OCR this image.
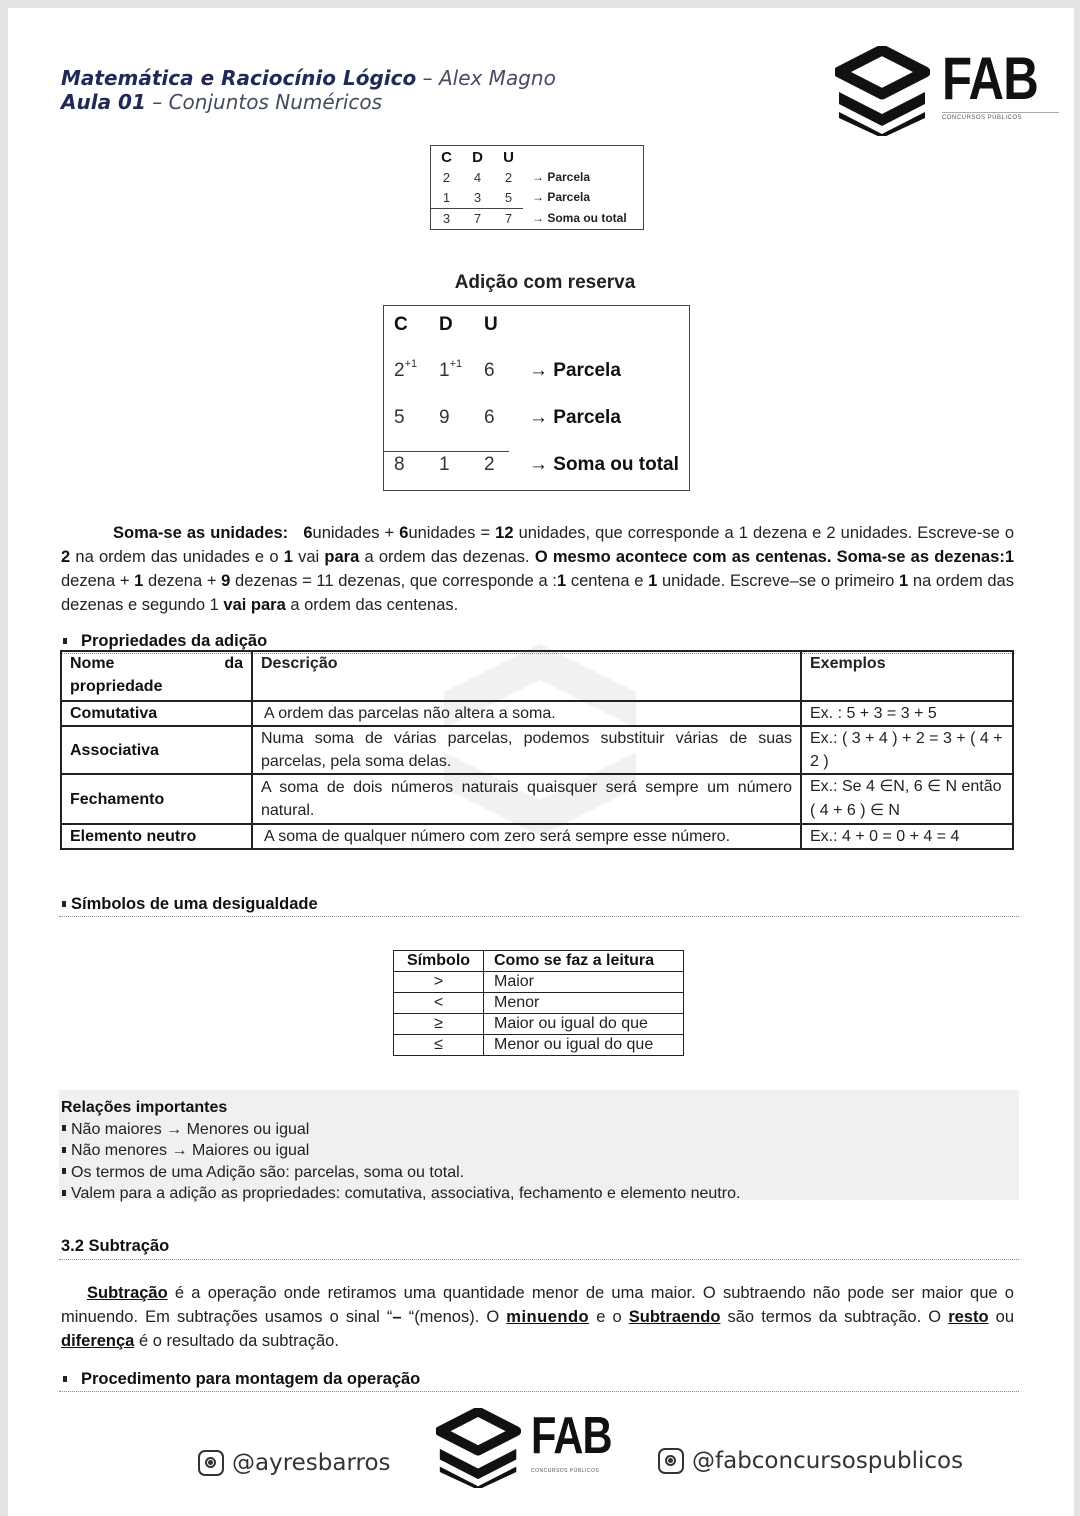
Matemática e Raciocínio Lógico – Alex Magno
Aula 01 – Conjuntos Numéricos	FAB
CONCURSOS PÚBLICOS
C	D	U
2	4	2	→ Parcela
1	3	5	→ Parcela
3	7	7	→ Soma ou total
Adição com reserva
C	D	U
$2^{+1}$	$1^{+1}$	6	→ Parcela
5	9	6	→ Parcela
8	1	2	→ Soma ou total
Soma-se as unidades: 6unidades + 6unidades = 12 unidades, que corresponde a 1 dezena e 2 unidades. Escreve-se o 2 na ordem das unidades e o 1 vai para a ordem das dezenas. O mesmo acontece com as centenas. Soma-se as dezenas:1 dezena + 1 dezena + 9 dezenas = 11 dezenas, que corresponde a :1 centena e 1 unidade. Escreve–se o primeiro 1 na ordem das dezenas e segundo 1 vai para a ordem das centenas.
Propriedades da adição
Nome da
propriedade	Descrição	Exemplos
Comutativa	A ordem das parcelas não altera a soma.	Ex. : 5 + 3 = 3 + 5
Associativa	Numa soma de várias parcelas, podemos substituir várias de suas parcelas, pela soma delas.	Ex.: ( 3 + 4 ) + 2 = 3 + ( 4 + 2 )
Fechamento	A soma de dois números naturais quaisquer será sempre um número natural.	Ex.: Se 4 ∈N, 6 ∈ N então ( 4 + 6 ) ∈ N
Elemento neutro	A soma de qualquer número com zero será sempre esse número.	Ex.: 4 + 0 = 0 + 4 = 4
Símbolos de uma desigualdade
Símbolo	Como se faz a leitura
>	Maior
<	Menor
≥	Maior ou igual do que
≤	Menor ou igual do que
Relações importantes
Não maiores → Menores ou igual
Não menores → Maiores ou igual
Os termos de uma Adição são: parcelas, soma ou total.
Valem para a adição as propriedades: comutativa, associativa, fechamento e elemento neutro.
3.2 Subtração
Subtração é a operação onde retiramos uma quantidade menor de uma maior. O subtraendo não pode ser maior que o minuendo. Em subtrações usamos o sinal “– “(menos). O minuendo e o Subtraendo são termos da subtração. O resto ou diferença é o resultado da subtração.
Procedimento para montagem da operação
@ayresbarros	FAB
CONCURSOS PÚBLICOS	@fabconcursospublicos
